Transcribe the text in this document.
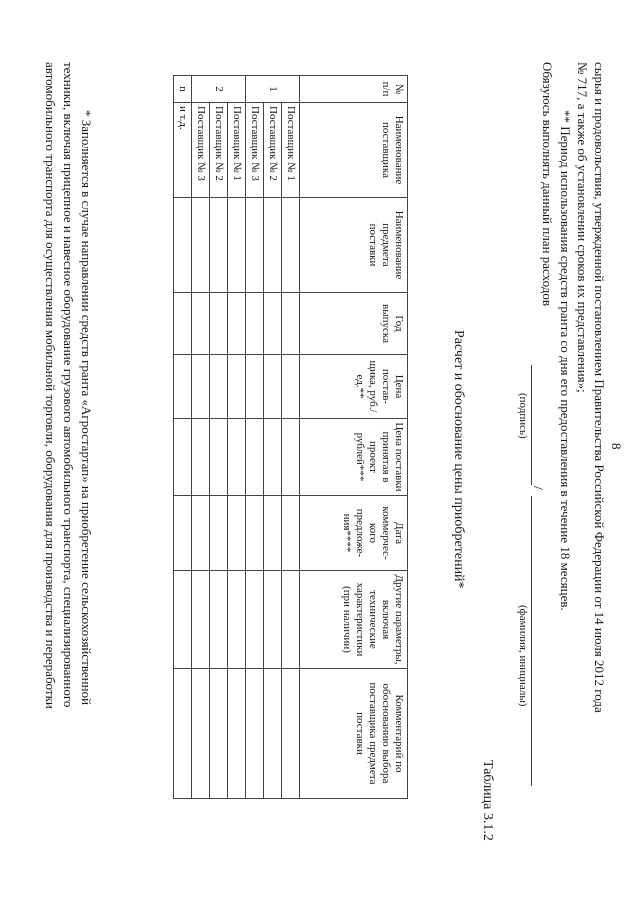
8
сырья и продовольствия, утвержденной постановлением Правительства Российской Федерации от 14 июля 2012 года
№ 717, а также об установлении сроков их представления»;
** Период использования средств гранта со дня его предоставления в течение 18 месяцев.
Обязуюсь выполнять данный план расходов
/
(подпись)
(фамилия, инициалы)
Таблица 3.1.2
Расчет и обоснование цены приобретений*
№ п/п	Наименование поставщика	Наименование предмета поставки	Год выпуска	Цена постав-щика, руб./ед.**	Цена поставки принятая в проект рублей***	Дата коммерчес-кого предложе-ния****	Другие параметры, включая технические характеристики (при наличии)	Комментарий по обоснованию выбора поставщика предмета поставки
1	Поставщик № 1							
	Поставщик № 2							
	Поставщик № 3							
2	Поставщик № 1							
	Поставщик № 2							
	Поставщик № 3							
n	и т.д.							
* Заполняется в случае направлении средств гранта «Агростартап» на приобретение сельскохозяйственной
техники, включая прицепное и навесное оборудование грузового автомобильного транспорта, специализированного
автомобильного транспорта для осуществления мобильной торговли, оборудования для производства и переработки
